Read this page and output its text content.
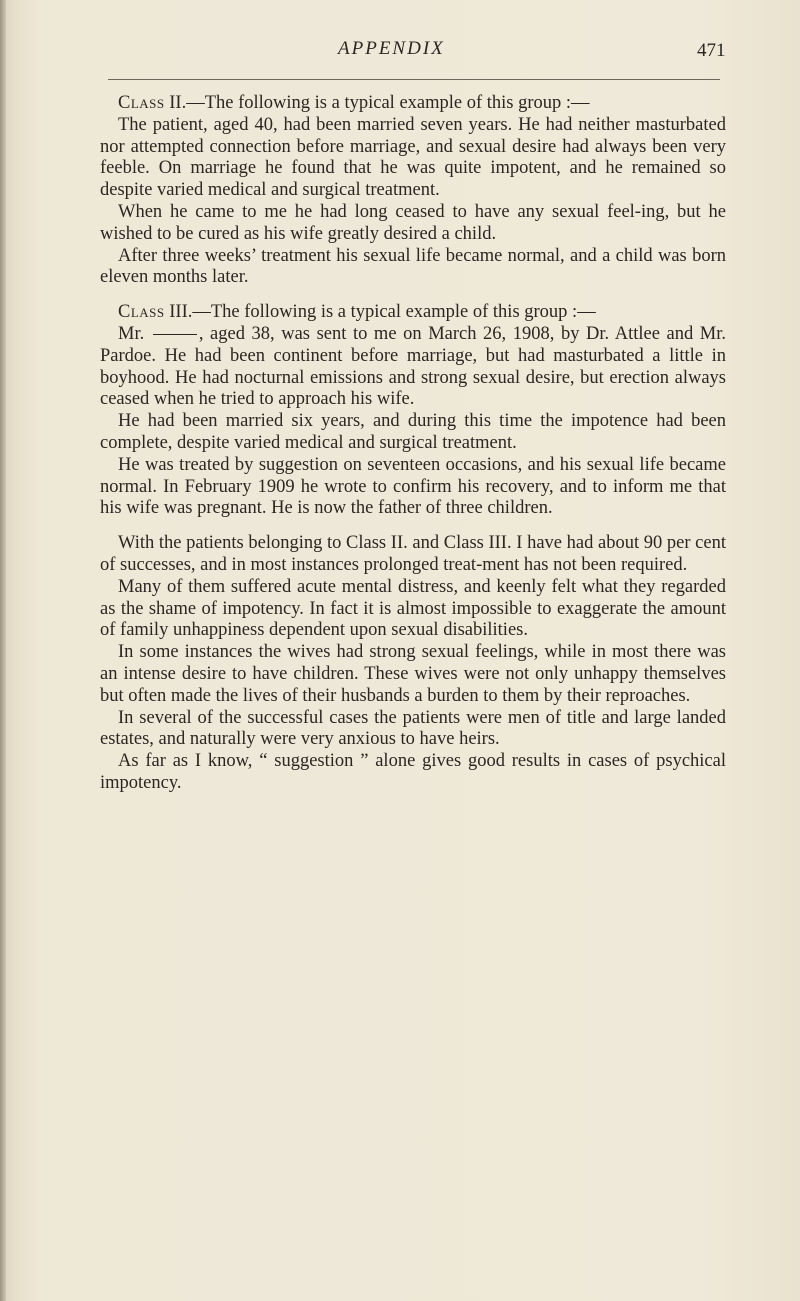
APPENDIX	471

Class II.—The following is a typical example of this group :—

The patient, aged 40, had been married seven years. He had neither masturbated nor attempted connection before marriage, and sexual desire had always been very feeble. On marriage he found that he was quite impotent, and he remained so despite varied medical and surgical treatment.

When he came to me he had long ceased to have any sexual feel-ing, but he wished to be cured as his wife greatly desired a child.

After three weeks’ treatment his sexual life became normal, and a child was born eleven months later.

Class III.—The following is a typical example of this group :—

Mr.	, aged 38, was sent to me on March 26, 1908, by Dr. Attlee and Mr. Pardoe. He had been continent before marriage, but had masturbated a little in boyhood. He had nocturnal emissions and strong sexual desire, but erection always ceased when he tried to approach his wife.

He had been married six years, and during this time the impotence had been complete, despite varied medical and surgical treatment.

He was treated by suggestion on seventeen occasions, and his sexual life became normal. In February 1909 he wrote to confirm his recovery, and to inform me that his wife was pregnant. He is now the father of three children.

With the patients belonging to Class II. and Class III. I have had about 90 per cent of successes, and in most instances prolonged treat-ment has not been required.

Many of them suffered acute mental distress, and keenly felt what they regarded as the shame of impotency. In fact it is almost impossible to exaggerate the amount of family unhappiness dependent upon sexual disabilities.

In some instances the wives had strong sexual feelings, while in most there was an intense desire to have children. These wives were not only unhappy themselves but often made the lives of their husbands a burden to them by their reproaches.

In several of the successful cases the patients were men of title and large landed estates, and naturally were very anxious to have heirs.

As far as I know, “ suggestion ” alone gives good results in cases of psychical impotency.
